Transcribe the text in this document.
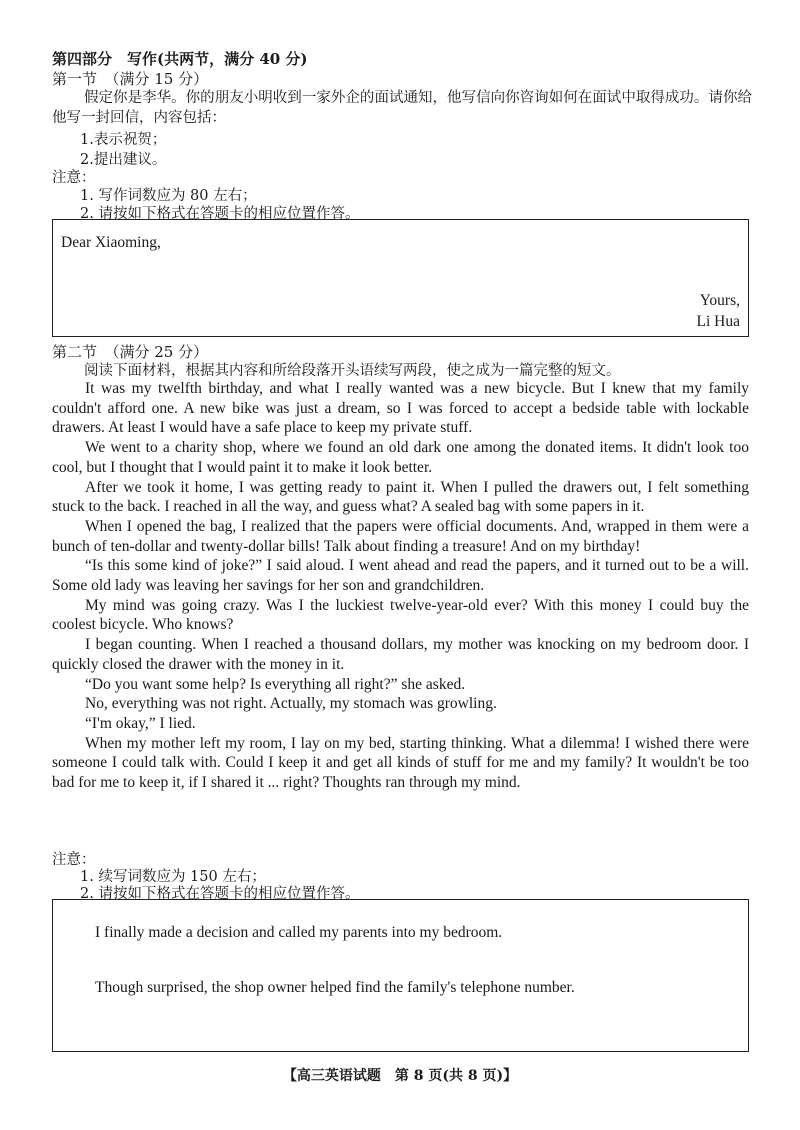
第四部分　写作(共两节，满分 40 分)
第一节　（满分 15 分）
假定你是李华。你的朋友小明收到一家外企的面试通知，他写信向你咨询如何在面试中取得成功。请你给他写一封回信，内容包括：
1.表示祝贺；
2.提出建议。
注意：
1. 写作词数应为 80 左右；
2. 请按如下格式在答题卡的相应位置作答。
Dear Xiaoming,
Yours,
Li Hua
第二节　（满分 25 分）
阅读下面材料，根据其内容和所给段落开头语续写两段，使之成为一篇完整的短文。

It was my twelfth birthday, and what I really wanted was a new bicycle. But I knew that my family couldn't afford one. A new bike was just a dream, so I was forced to accept a bedside table with lockable drawers. At least I would have a safe place to keep my private stuff.

We went to a charity shop, where we found an old dark one among the donated items. It didn't look too cool, but I thought that I would paint it to make it look better.

After we took it home, I was getting ready to paint it. When I pulled the drawers out, I felt something stuck to the back. I reached in all the way, and guess what? A sealed bag with some papers in it.

When I opened the bag, I realized that the papers were official documents. And, wrapped in them were a bunch of ten-dollar and twenty-dollar bills! Talk about finding a treasure! And on my birthday!

“Is this some kind of joke?” I said aloud. I went ahead and read the papers, and it turned out to be a will. Some old lady was leaving her savings for her son and grandchildren.

My mind was going crazy. Was I the luckiest twelve-year-old ever? With this money I could buy the coolest bicycle. Who knows?

I began counting. When I reached a thousand dollars, my mother was knocking on my bedroom door. I quickly closed the drawer with the money in it.

“Do you want some help? Is everything all right?” she asked.

No, everything was not right. Actually, my stomach was growling.

“I'm okay,” I lied.

When my mother left my room, I lay on my bed, starting thinking. What a dilemma! I wished there were someone I could talk with. Could I keep it and get all kinds of stuff for me and my family? It wouldn't be too bad for me to keep it, if I shared it ... right? Thoughts ran through my mind.

注意：
1. 续写词数应为 150 左右；
2. 请按如下格式在答题卡的相应位置作答。
I finally made a decision and called my parents into my bedroom.
Though surprised, the shop owner helped find the family's telephone number.
【高三英语试题　第 8 页(共 8 页)】
